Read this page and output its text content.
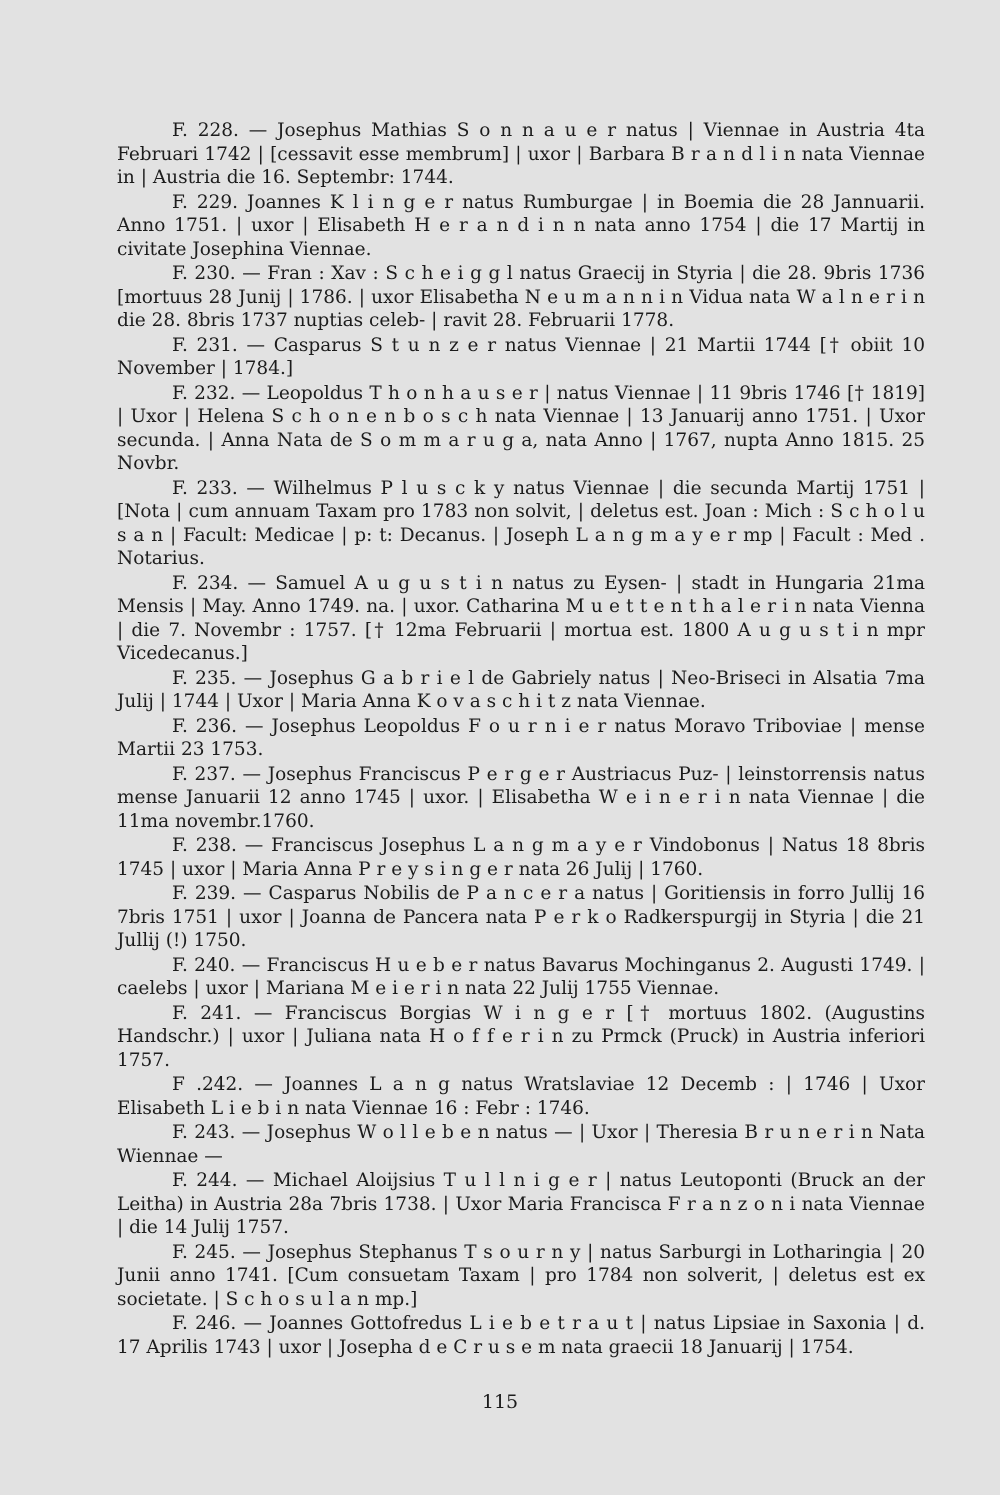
F. 228. — Josephus Mathias S o n n a u e r natus | Viennae in Austria 4ta Februari 1742 | [cessavit esse membrum] | uxor | Barbara B r a n d l i n nata Viennae in | Austria die 16. Septembr: 1744.

F. 229. Joannes K l i n g e r natus Rumburgae | in Boemia die 28 Jannuarii. Anno 1751. | uxor | Elisabeth H e r a n d i n n nata anno 1754 | die 17 Martij in civitate Josephina Viennae.

F. 230. — Fran : Xav : S c h e i g g l natus Graecij in Styria | die 28. 9bris 1736 [mortuus 28 Junij | 1786. | uxor Elisabetha N e u m a n n i n Vidua nata W a l n e r i n die 28. 8bris 1737 nuptias celeb- | ravit 28. Februarii 1778.

F. 231. — Casparus S t u n z e r natus Viennae | 21 Martii 1744 [† obiit 10 November | 1784.]

F. 232. — Leopoldus T h o n h a u s e r | natus Viennae | 11 9bris 1746 [† 1819] | Uxor | Helena S c h o n e n b o s c h nata Viennae | 13 Januarij anno 1751. | Uxor secunda. | Anna Nata de S o m m a r u g a, nata Anno | 1767, nupta Anno 1815. 25 Novbr.

F. 233. — Wilhelmus P l u s c k y natus Viennae | die secunda Martij 1751 | [Nota | cum annuam Taxam pro 1783 non solvit, | deletus est. Joan : Mich : S c h o l u s a n | Facult: Medicae | p: t: Decanus. | Joseph L a n g m a y e r mp | Facult : Med . Notarius.

F. 234. — Samuel A u g u s t i n natus zu Eysen- | stadt in Hungaria 21ma Mensis | May. Anno 1749. na. | uxor. Catharina M u e t t e n t h a l e r i n nata Vienna | die 7. Novembr : 1757. [† 12ma Februarii | mortua est. 1800 A u g u s t i n mpr Vicedecanus.]

F. 235. — Josephus G a b r i e l de Gabriely natus | Neo-Briseci in Alsatia 7ma Julij | 1744 | Uxor | Maria Anna K o v a s c h i t z nata Viennae.

F. 236. — Josephus Leopoldus F o u r n i e r natus Moravo Triboviae | mense Martii 23 1753.

F. 237. — Josephus Franciscus P e r g e r Austriacus Puz- | leinstorrensis natus mense Januarii 12 anno 1745 | uxor. | Elisabetha W e i n e r i n nata Viennae | die 11ma novembr.1760.

F. 238. — Franciscus Josephus L a n g m a y e r Vindobonus | Natus 18 8bris 1745 | uxor | Maria Anna P r e y s i n g e r nata 26 Julij | 1760.

F. 239. — Casparus Nobilis de P a n c e r a natus | Goritiensis in forro Jullij 16 7bris 1751 | uxor | Joanna de Pancera nata P e r k o Radkerspurgij in Styria | die 21 Jullij (!) 1750.

F. 240. — Franciscus H u e b e r natus Bavarus Mochinganus 2. Augusti 1749. | caelebs | uxor | Mariana M e i e r i n nata 22 Julij 1755 Viennae.

F. 241. — Franciscus Borgias W i n g e r [† mortuus 1802. (Augustins Handschr.) | uxor | Juliana nata H o f f e r i n zu Prmck (Pruck) in Austria inferiori 1757.

F .242. — Joannes L a n g natus Wratslaviae 12 Decemb : | 1746 | Uxor Elisabeth L i e b i n nata Viennae 16 : Febr : 1746.

F. 243. — Josephus W o l l e b e n natus — | Uxor | Theresia B r u n e r i n Nata Wiennae —

F. 244. — Michael Aloijsius T u l l n i g e r | natus Leutoponti (Bruck an der Leitha) in Austria 28a 7bris 1738. | Uxor Maria Francisca F r a n z o n i nata Viennae | die 14 Julij 1757.

F. 245. — Josephus Stephanus T s o u r n y | natus Sarburgi in Lotharingia | 20 Junii anno 1741. [Cum consuetam Taxam | pro 1784 non solverit, | deletus est ex societate. | S c h o s u l a n mp.]

F. 246. — Joannes Gottofredus L i e b e t r a u t | natus Lipsiae in Saxonia | d. 17 Aprilis 1743 | uxor | Josepha d e C r u s e m nata graecii 18 Januarij | 1754.

115
